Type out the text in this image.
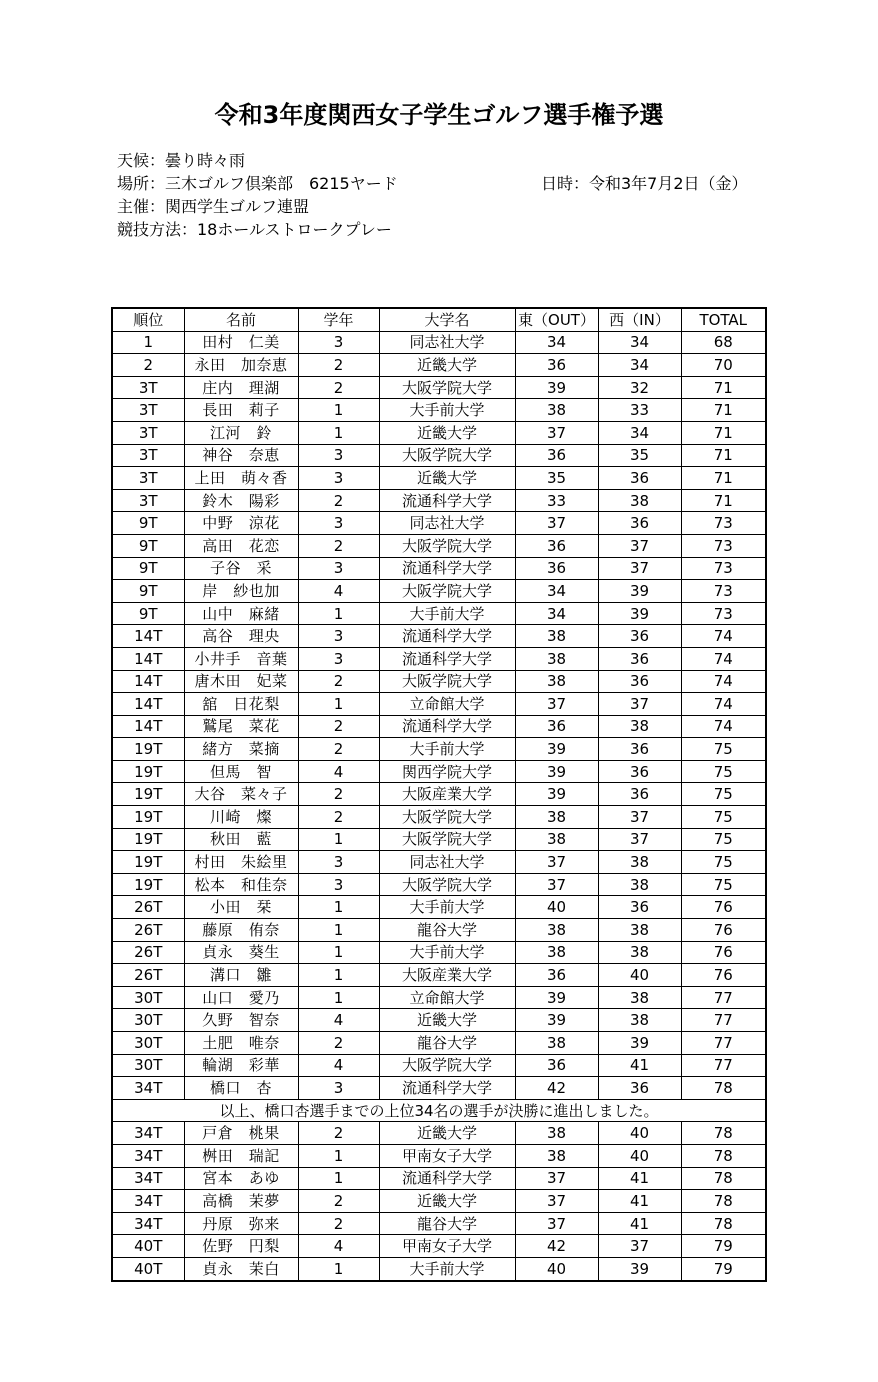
令和3年度関西女子学生ゴルフ選手権予選
天候：曇り時々雨
場所：三木ゴルフ倶楽部　6215ヤード
主催：関西学生ゴルフ連盟
競技方法：18ホールストロークプレー
日時：令和3年7月2日（金）
順位	名前	学年	大学名	東（OUT）	西（IN）	TOTAL
1	田村　仁美	3	同志社大学	34	34	68
2	永田　加奈恵	2	近畿大学	36	34	70
3T	庄内　理湖	2	大阪学院大学	39	32	71
3T	長田　莉子	1	大手前大学	38	33	71
3T	江河　鈴	1	近畿大学	37	34	71
3T	神谷　奈恵	3	大阪学院大学	36	35	71
3T	上田　萌々香	3	近畿大学	35	36	71
3T	鈴木　陽彩	2	流通科学大学	33	38	71
9T	中野　涼花	3	同志社大学	37	36	73
9T	高田　花恋	2	大阪学院大学	36	37	73
9T	子谷　采	3	流通科学大学	36	37	73
9T	岸　紗也加	4	大阪学院大学	34	39	73
9T	山中　麻緒	1	大手前大学	34	39	73
14T	高谷　理央	3	流通科学大学	38	36	74
14T	小井手　音葉	3	流通科学大学	38	36	74
14T	唐木田　妃菜	2	大阪学院大学	38	36	74
14T	舘　日花梨	1	立命館大学	37	37	74
14T	鷲尾　菜花	2	流通科学大学	36	38	74
19T	緒方　菜摘	2	大手前大学	39	36	75
19T	但馬　智	4	関西学院大学	39	36	75
19T	大谷　菜々子	2	大阪産業大学	39	36	75
19T	川崎　燦	2	大阪学院大学	38	37	75
19T	秋田　藍	1	大阪学院大学	38	37	75
19T	村田　朱絵里	3	同志社大学	37	38	75
19T	松本　和佳奈	3	大阪学院大学	37	38	75
26T	小田　栞	1	大手前大学	40	36	76
26T	藤原　侑奈	1	龍谷大学	38	38	76
26T	貞永　葵生	1	大手前大学	38	38	76
26T	溝口　雛	1	大阪産業大学	36	40	76
30T	山口　愛乃	1	立命館大学	39	38	77
30T	久野　智奈	4	近畿大学	39	38	77
30T	土肥　唯奈	2	龍谷大学	38	39	77
30T	輪湖　彩華	4	大阪学院大学	36	41	77
34T	橋口　杏	3	流通科学大学	42	36	78
以上、橋口杏選手までの上位34名の選手が決勝に進出しました。						
34T	戸倉　桃果	2	近畿大学	38	40	78
34T	桝田　瑞記	1	甲南女子大学	38	40	78
34T	宮本　あゆ	1	流通科学大学	37	41	78
34T	高橋　茉夢	2	近畿大学	37	41	78
34T	丹原　弥来	2	龍谷大学	37	41	78
40T	佐野　円梨	4	甲南女子大学	42	37	79
40T	貞永　茉白	1	大手前大学	40	39	79
